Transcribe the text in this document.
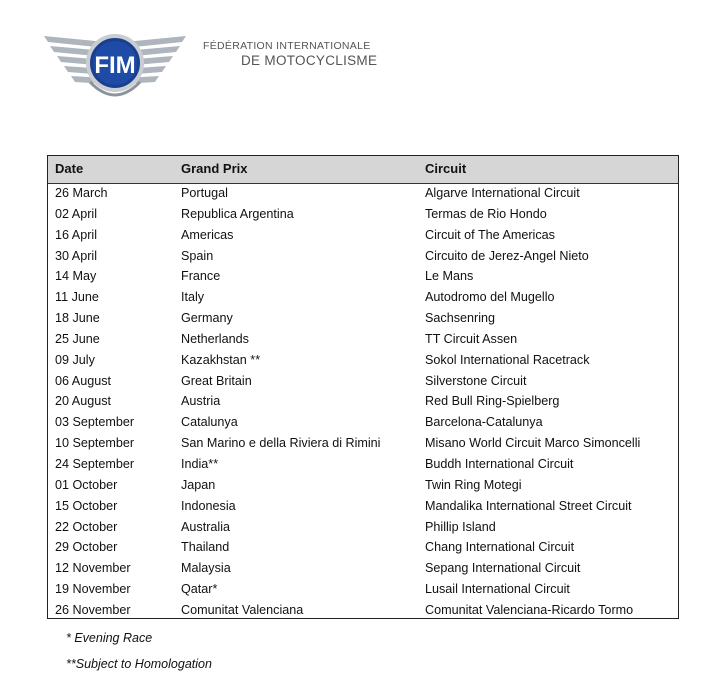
FIM
FÉDÉRATION INTERNATIONALE
DE MOTOCYCLISME
Date	Grand Prix	Circuit
26 March	Portugal	Algarve International Circuit
02 April	Republica Argentina	Termas de Rio Hondo
16 April	Americas	Circuit of The Americas
30 April	Spain	Circuito de Jerez-Angel Nieto
14 May	France	Le Mans
11 June	Italy	Autodromo del Mugello
18 June	Germany	Sachsenring
25 June	Netherlands	TT Circuit Assen
09 July	Kazakhstan **	Sokol International Racetrack
06 August	Great Britain	Silverstone Circuit
20 August	Austria	Red Bull Ring-Spielberg
03 September	Catalunya	Barcelona-Catalunya
10 September	San Marino e della Riviera di Rimini	Misano World Circuit Marco Simoncelli
24 September	India**	Buddh International Circuit
01 October	Japan	Twin Ring Motegi
15 October	Indonesia	Mandalika International Street Circuit
22 October	Australia	Phillip Island
29 October	Thailand	Chang International Circuit
12 November	Malaysia	Sepang International Circuit
19 November	Qatar*	Lusail International Circuit
26 November	Comunitat Valenciana	Comunitat Valenciana-Ricardo Tormo
* Evening Race
**Subject to Homologation
